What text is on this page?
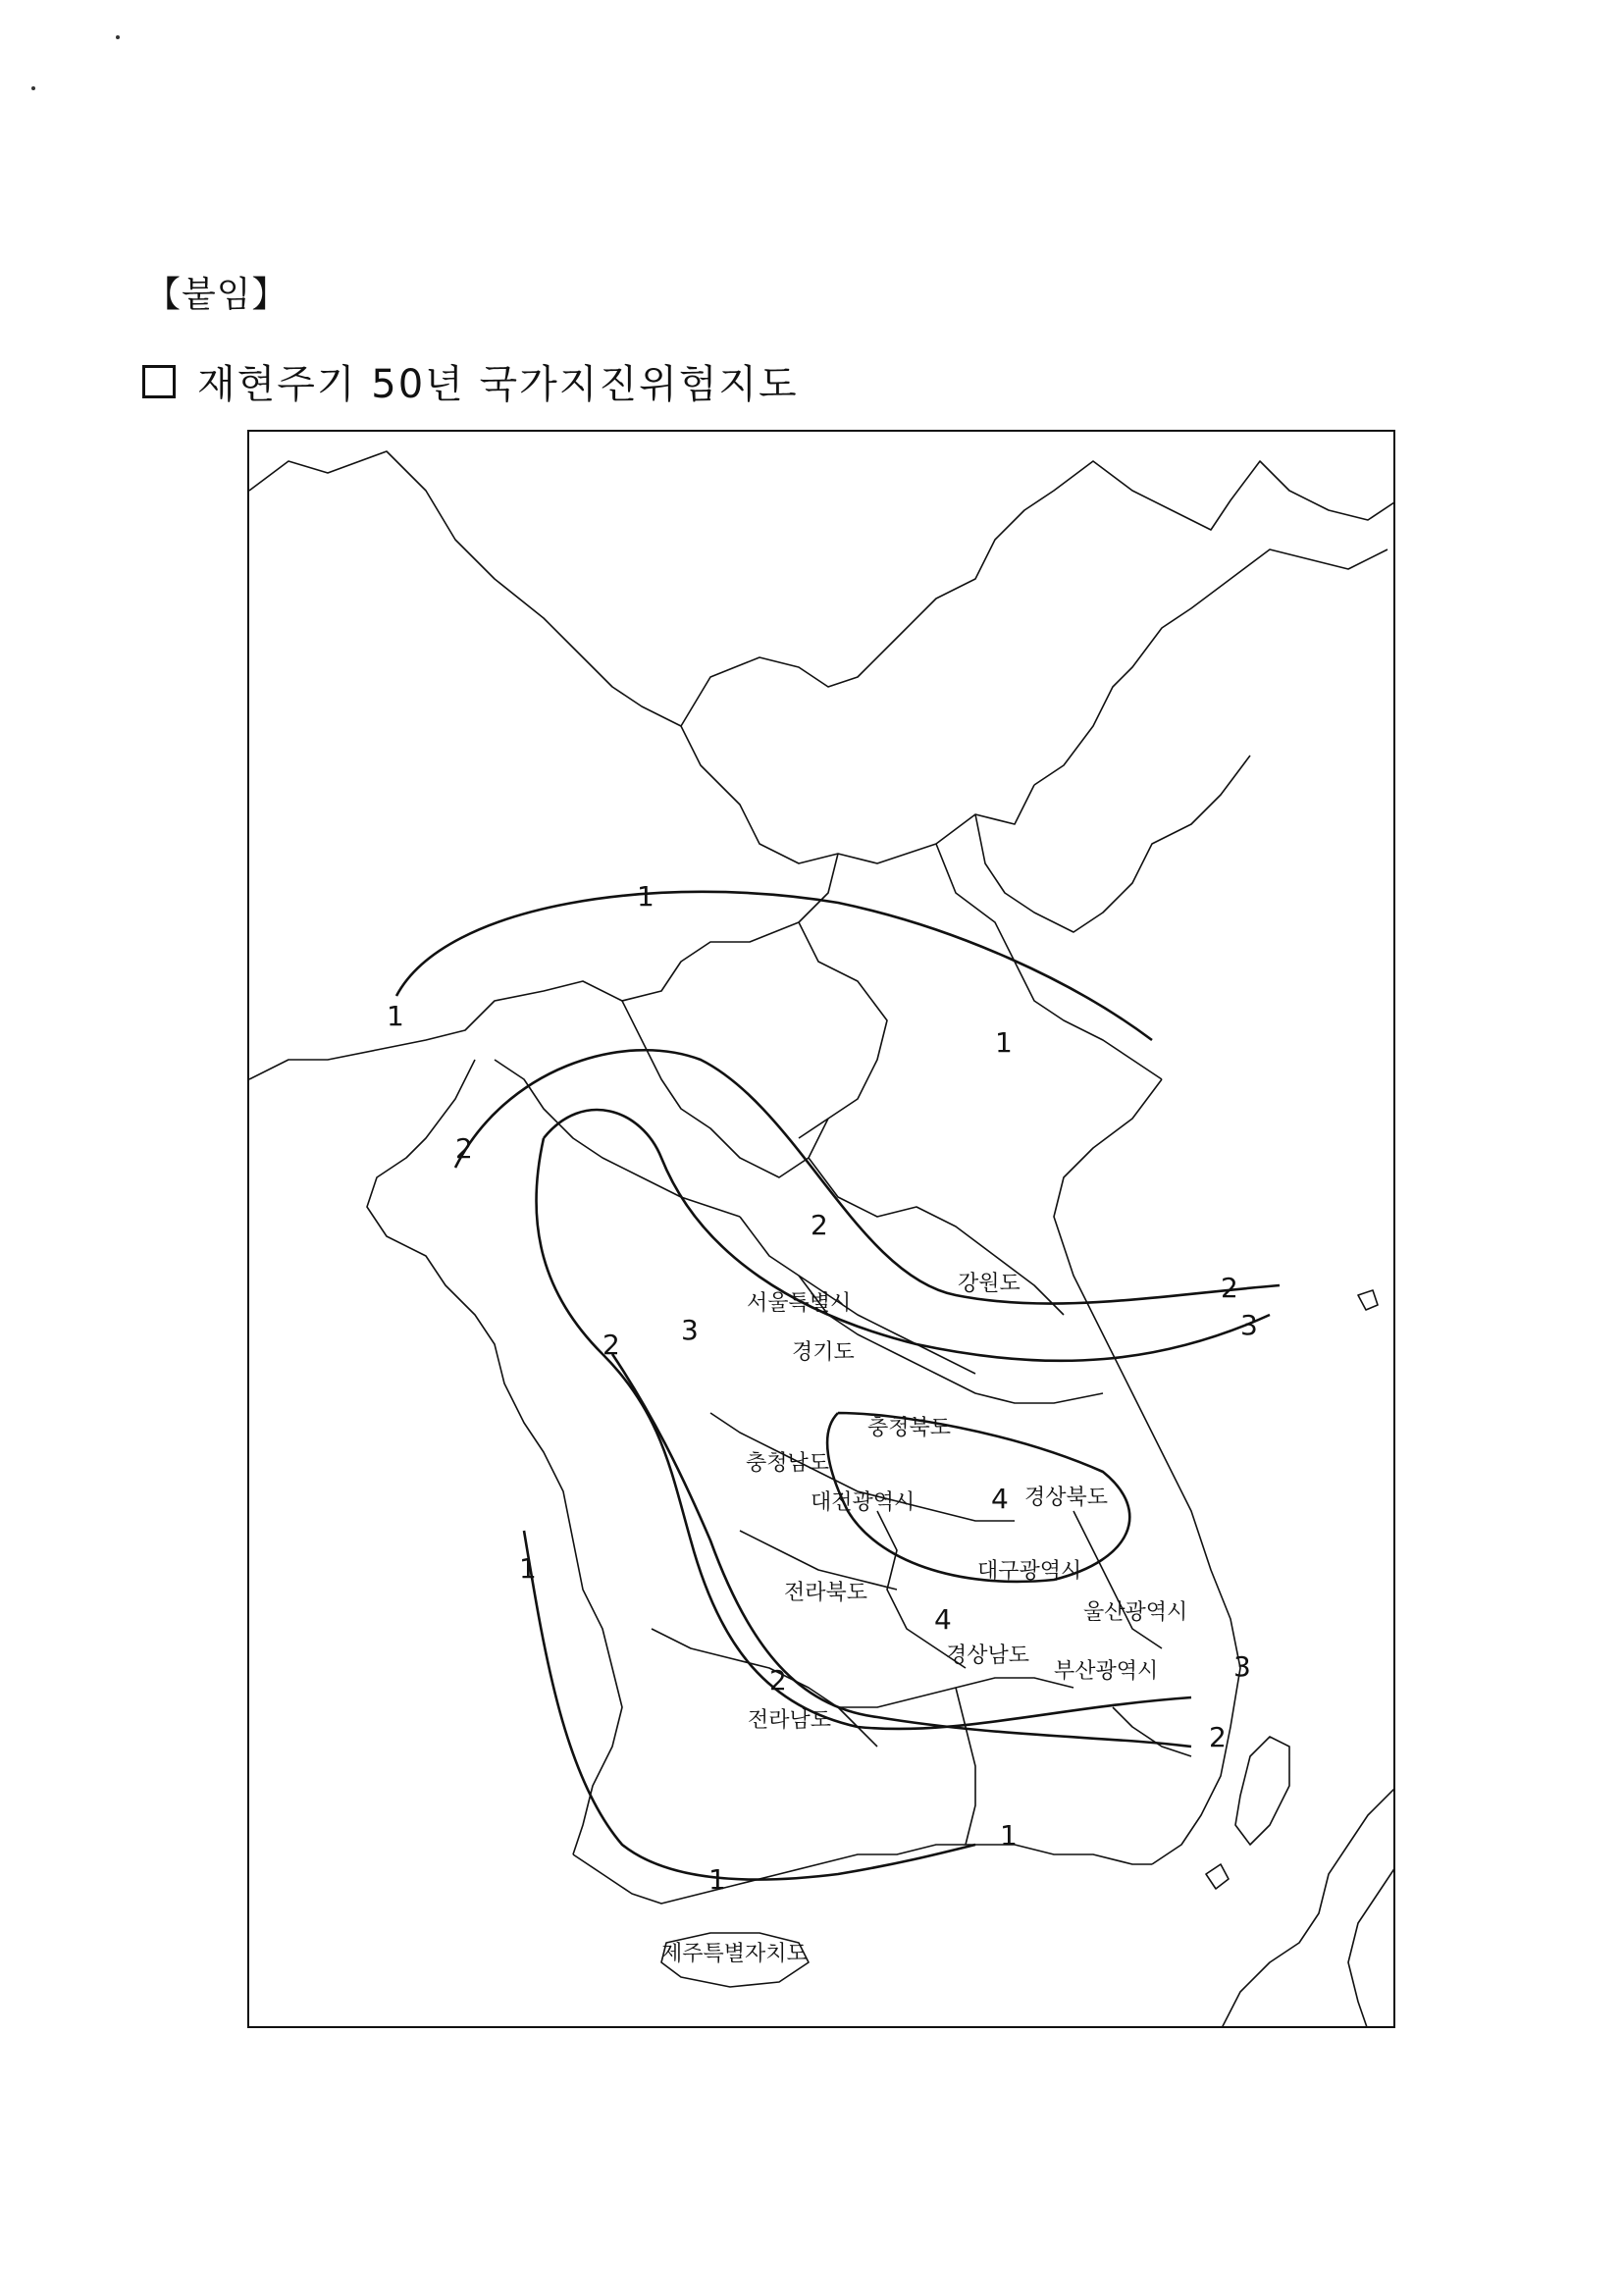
【붙임】
재현주기 50년 국가지진위험지도
1
1
1
2
2
2
3	3
4
4
2
2
2
3
1
1
1
강원도
서울특별시
경기도
충청북도
충청남도
대전광역시	경상북도
대구광역시
울산광역시
전라북도
경상남도
부산광역시
전라남도
제주특별자치도
